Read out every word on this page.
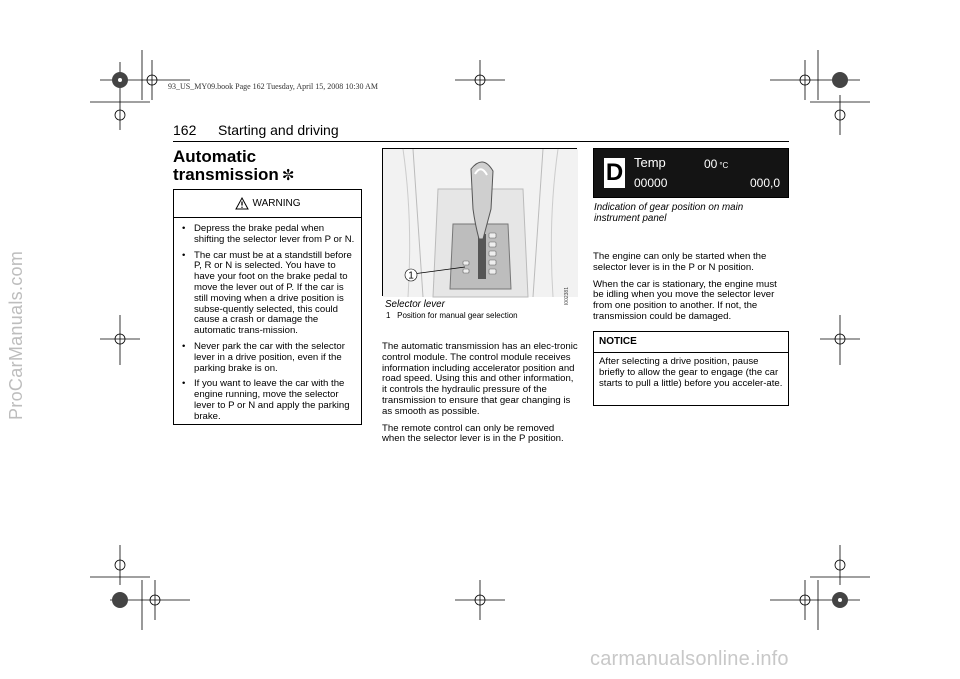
ProCarManuals.com
carmanualsonline.info
93_US_MY09.book Page 162 Tuesday, April 15, 2008 10:30 AM
162 Starting and driving
Automatic
transmission ✼
WARNING
• Depress the brake pedal when shifting the selector lever from P or N.
• The car must be at a standstill before P, R or N is selected. You have to have your foot on the brake pedal to move the lever out of P. If the car is still moving when a drive position is subse-quently selected, this could cause a crash or damage the automatic trans-mission.
• Never park the car with the selector lever in a drive position, even if the parking brake is on.
• If you want to leave the car with the engine running, move the selector lever to P or N and apply the parking brake.
1
I002381
Selector lever
1   Position for manual gear selection

The automatic transmission has an elec-tronic control module. The control module receives information including accelerator position and road speed. Using this and other information, it controls the hydraulic pressure of the transmission to ensure that gear changing is as smooth as possible.

The remote control can only be removed when the selector lever is in the P position.

D Temp	00 °C
00000	000,0
Indication of gear position on main instrument panel

The engine can only be started when the selector lever is in the P or N position.

When the car is stationary, the engine must be idling when you move the selector lever from one position to another. If not, the transmission could be damaged.

NOTICE
After selecting a drive position, pause briefly to allow the gear to engage (the car starts to pull a little) before you acceler-ate.
